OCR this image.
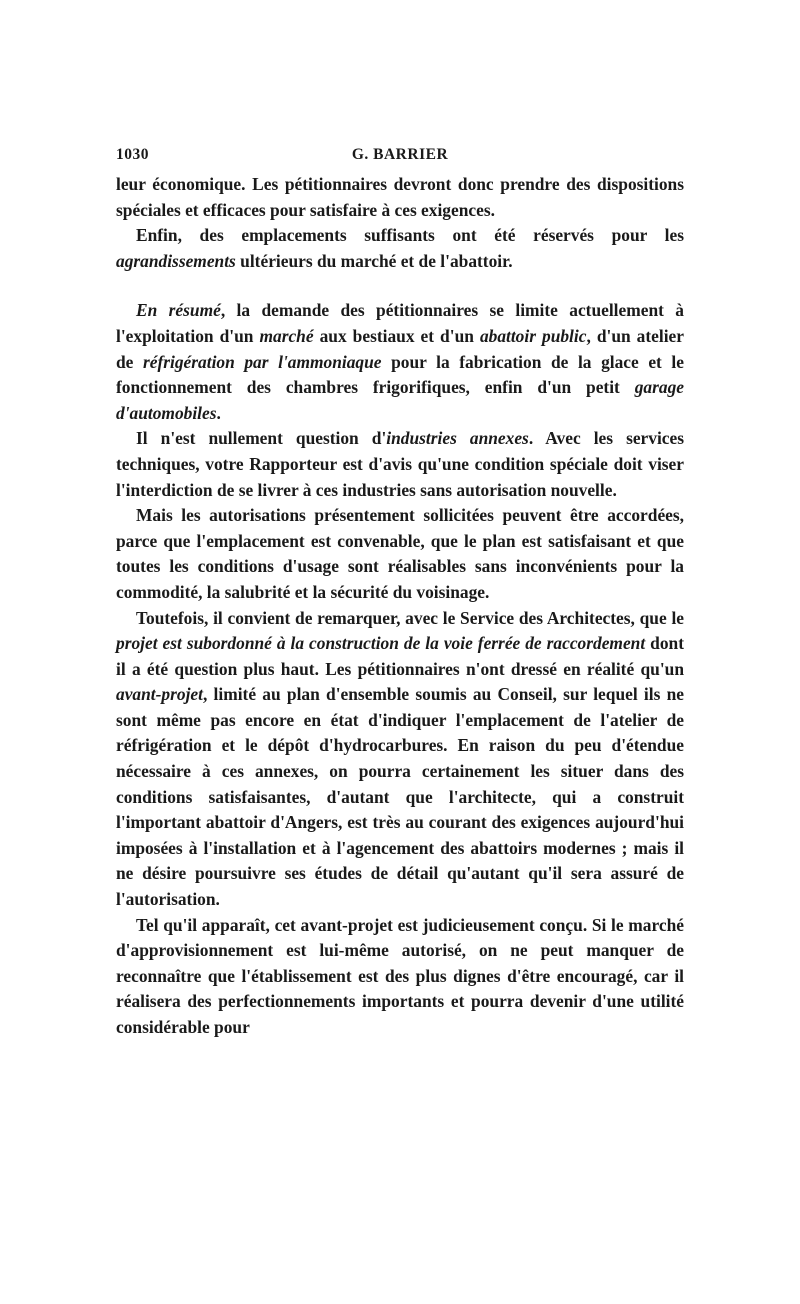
1030	G. BARRIER

leur économique. Les pétitionnaires devront donc prendre des dispositions spéciales et efficaces pour satisfaire à ces exigences.

Enfin, des emplacements suffisants ont été réservés pour les agrandissements ultérieurs du marché et de l'abattoir.

En résumé, la demande des pétitionnaires se limite actuellement à l'exploitation d'un marché aux bestiaux et d'un abattoir public, d'un atelier de réfrigération par l'ammoniaque pour la fabrication de la glace et le fonctionnement des chambres frigorifiques, enfin d'un petit garage d'automobiles.

Il n'est nullement question d'industries annexes. Avec les services techniques, votre Rapporteur est d'avis qu'une condition spéciale doit viser l'interdiction de se livrer à ces industries sans autorisation nouvelle.

Mais les autorisations présentement sollicitées peuvent être accordées, parce que l'emplacement est convenable, que le plan est satisfaisant et que toutes les conditions d'usage sont réalisables sans inconvénients pour la commodité, la salubrité et la sécurité du voisinage.

Toutefois, il convient de remarquer, avec le Service des Architectes, que le projet est subordonné à la construction de la voie ferrée de raccordement dont il a été question plus haut. Les pétitionnaires n'ont dressé en réalité qu'un avant-projet, limité au plan d'ensemble soumis au Conseil, sur lequel ils ne sont même pas encore en état d'indiquer l'emplacement de l'atelier de réfrigération et le dépôt d'hydrocarbures. En raison du peu d'étendue nécessaire à ces annexes, on pourra certainement les situer dans des conditions satisfaisantes, d'autant que l'architecte, qui a construit l'important abattoir d'Angers, est très au courant des exigences aujourd'hui imposées à l'installation et à l'agencement des abattoirs modernes ; mais il ne désire poursuivre ses études de détail qu'autant qu'il sera assuré de l'autorisation.

Tel qu'il apparaît, cet avant-projet est judicieusement conçu. Si le marché d'approvisionnement est lui-même autorisé, on ne peut manquer de reconnaître que l'établissement est des plus dignes d'être encouragé, car il réalisera des perfectionnements importants et pourra devenir d'une utilité considérable pour
